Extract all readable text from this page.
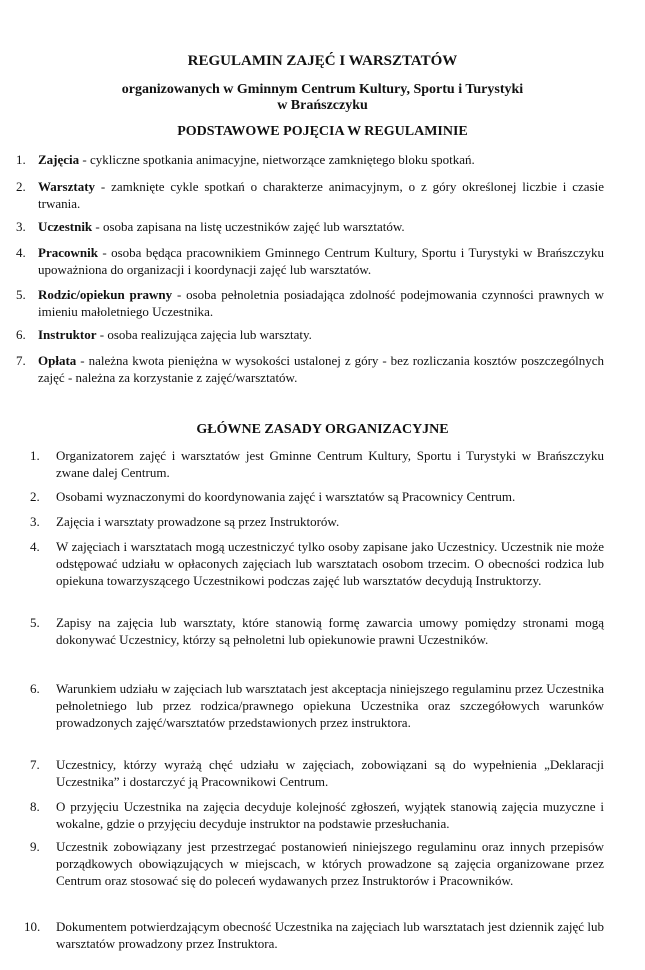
REGULAMIN ZAJĘĆ I WARSZTATÓW
organizowanych w Gminnym Centrum Kultury, Sportu i Turystyki
w Brańszczyku
PODSTAWOWE POJĘCIA W REGULAMINIE
1. Zajęcia - cykliczne spotkania animacyjne, nietworzące zamkniętego bloku spotkań.
2. Warsztaty - zamknięte cykle spotkań o charakterze animacyjnym, o z góry określonej liczbie i czasie trwania.
3. Uczestnik - osoba zapisana na listę uczestników zajęć lub warsztatów.
4. Pracownik - osoba będąca pracownikiem Gminnego Centrum Kultury, Sportu i Turystyki w Brańszczyku upoważniona do organizacji i koordynacji zajęć lub warsztatów.
5. Rodzic/opiekun prawny - osoba pełnoletnia posiadająca zdolność podejmowania czynności prawnych w imieniu małoletniego Uczestnika.
6. Instruktor - osoba realizująca zajęcia lub warsztaty.
7. Opłata - należna kwota pieniężna w wysokości ustalonej z góry - bez rozliczania kosztów poszczególnych zajęć - należna za korzystanie z zajęć/warsztatów.
GŁÓWNE ZASADY ORGANIZACYJNE
1. Organizatorem zajęć i warsztatów jest Gminne Centrum Kultury, Sportu i Turystyki w Brańszczyku zwane dalej Centrum.
2. Osobami wyznaczonymi do koordynowania zajęć i warsztatów są Pracownicy Centrum.
3. Zajęcia i warsztaty prowadzone są przez Instruktorów.
4. W zajęciach i warsztatach mogą uczestniczyć tylko osoby zapisane jako Uczestnicy. Uczestnik nie może odstępować udziału w opłaconych zajęciach lub warsztatach osobom trzecim. O obecności rodzica lub opiekuna towarzyszącego Uczestnikowi podczas zajęć lub warsztatów decydują Instruktorzy.
5. Zapisy na zajęcia lub warsztaty, które stanowią formę zawarcia umowy pomiędzy stronami mogą dokonywać Uczestnicy, którzy są pełnoletni lub opiekunowie prawni Uczestników.
6. Warunkiem udziału w zajęciach lub warsztatach jest akceptacja niniejszego regulaminu przez Uczestnika pełnoletniego lub przez rodzica/prawnego opiekuna Uczestnika oraz szczegółowych warunków prowadzonych zajęć/warsztatów przedstawionych przez instruktora.
7. Uczestnicy, którzy wyrażą chęć udziału w zajęciach, zobowiązani są do wypełnienia „Deklaracji Uczestnika” i dostarczyć ją Pracownikowi Centrum.
8. O przyjęciu Uczestnika na zajęcia decyduje kolejność zgłoszeń, wyjątek stanowią zajęcia muzyczne i wokalne, gdzie o przyjęciu decyduje instruktor na podstawie przesłuchania.
9. Uczestnik zobowiązany jest przestrzegać postanowień niniejszego regulaminu oraz innych przepisów porządkowych obowiązujących w miejscach, w których prowadzone są zajęcia organizowane przez Centrum oraz stosować się do poleceń wydawanych przez Instruktorów i Pracowników.
10. Dokumentem potwierdzającym obecność Uczestnika na zajęciach lub warsztatach jest dziennik zajęć lub warsztatów prowadzony przez Instruktora.
